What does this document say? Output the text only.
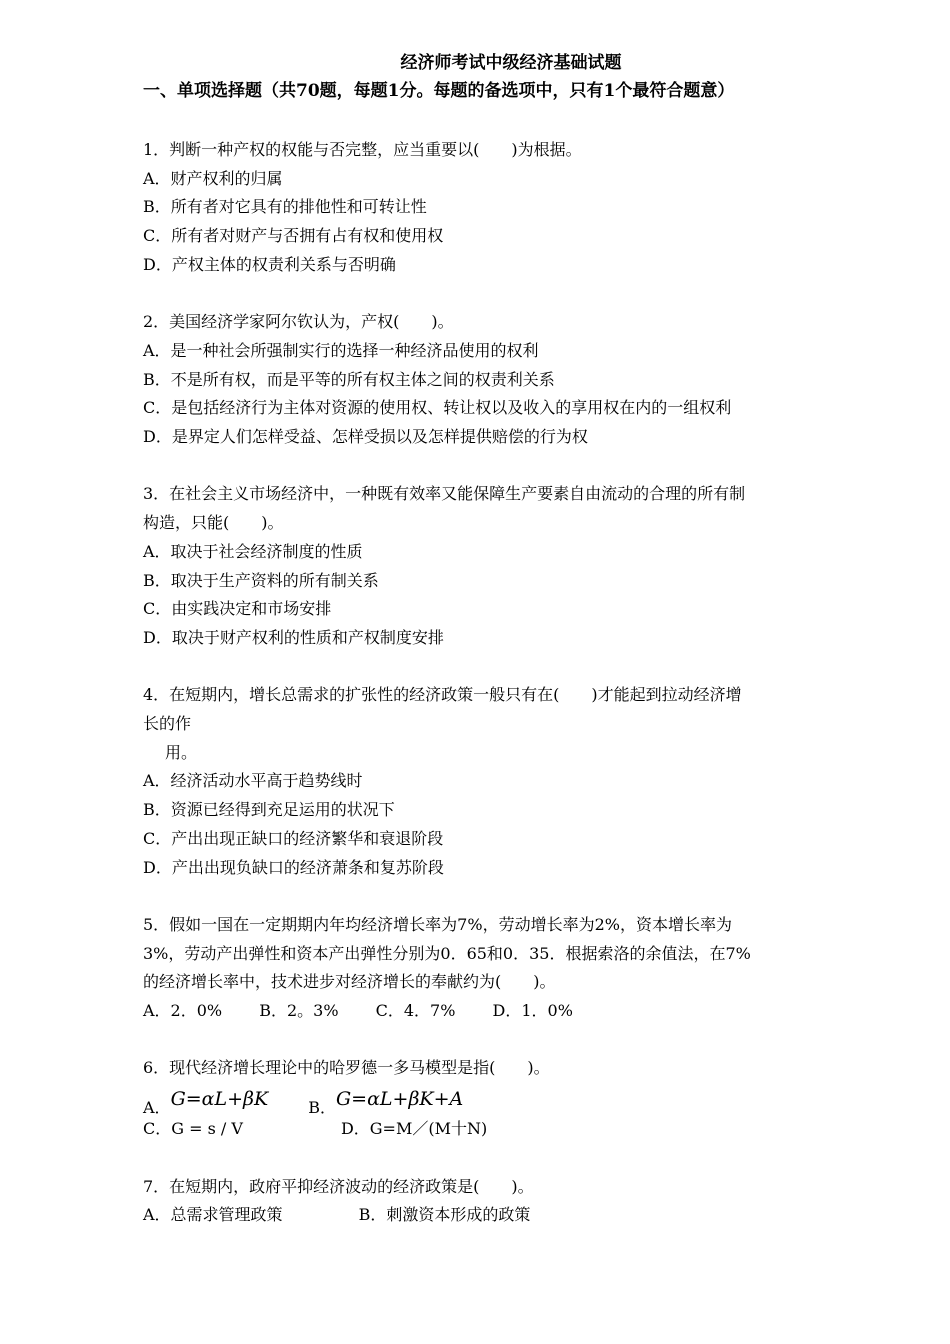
经济师考试中级经济基础试题
一、单项选择题（共70题，每题1分。每题的备选项中，只有1个最符合题意）
1．判断一种产权的权能与否完整，应当重要以(　　)为根据。
A．财产权利的归属
B．所有者对它具有的排他性和可转让性
C．所有者对财产与否拥有占有权和使用权
D．产权主体的权责利关系与否明确
2．美国经济学家阿尔钦认为，产权(　　)。
A．是一种社会所强制实行的选择一种经济品使用的权利
B．不是所有权，而是平等的所有权主体之间的权责利关系
C．是包括经济行为主体对资源的使用权、转让权以及收入的享用权在内的一组权利
D．是界定人们怎样受益、怎样受损以及怎样提供赔偿的行为权
3．在社会主义市场经济中，一种既有效率又能保障生产要素自由流动的合理的所有制
构造，只能(　　)。
A．取决于社会经济制度的性质
B．取决于生产资料的所有制关系
C．由实践决定和市场安排
D．取决于财产权利的性质和产权制度安排
4．在短期内，增长总需求的扩张性的经济政策一般只有在(　　)才能起到拉动经济增
长的作
用。
A．经济活动水平高于趋势线时
B．资源已经得到充足运用的状况下
C．产出出现正缺口的经济繁华和衰退阶段
D．产出出现负缺口的经济萧条和复苏阶段
5．假如一国在一定期期内年均经济增长率为7%，劳动增长率为2%，资本增长率为
3%，劳动产出弹性和资本产出弹性分别为0．65和0．35．根据索洛的余值法，在7%
的经济增长率中，技术进步对经济增长的奉献约为(　　)。
A．2．0%　　 B．2。3%　　 C．4．7%　　 D．1．0%
6．现代经济增长理论中的哈罗德一多马模型是指(　　)。
A．G=αL+βK	B．G=αL+βK+A
C．G = s / V	D．G=M／(M十N)
7．在短期内，政府平抑经济波动的经济政策是(　　)。
A．总需求管理政策	B．刺激资本形成的政策
